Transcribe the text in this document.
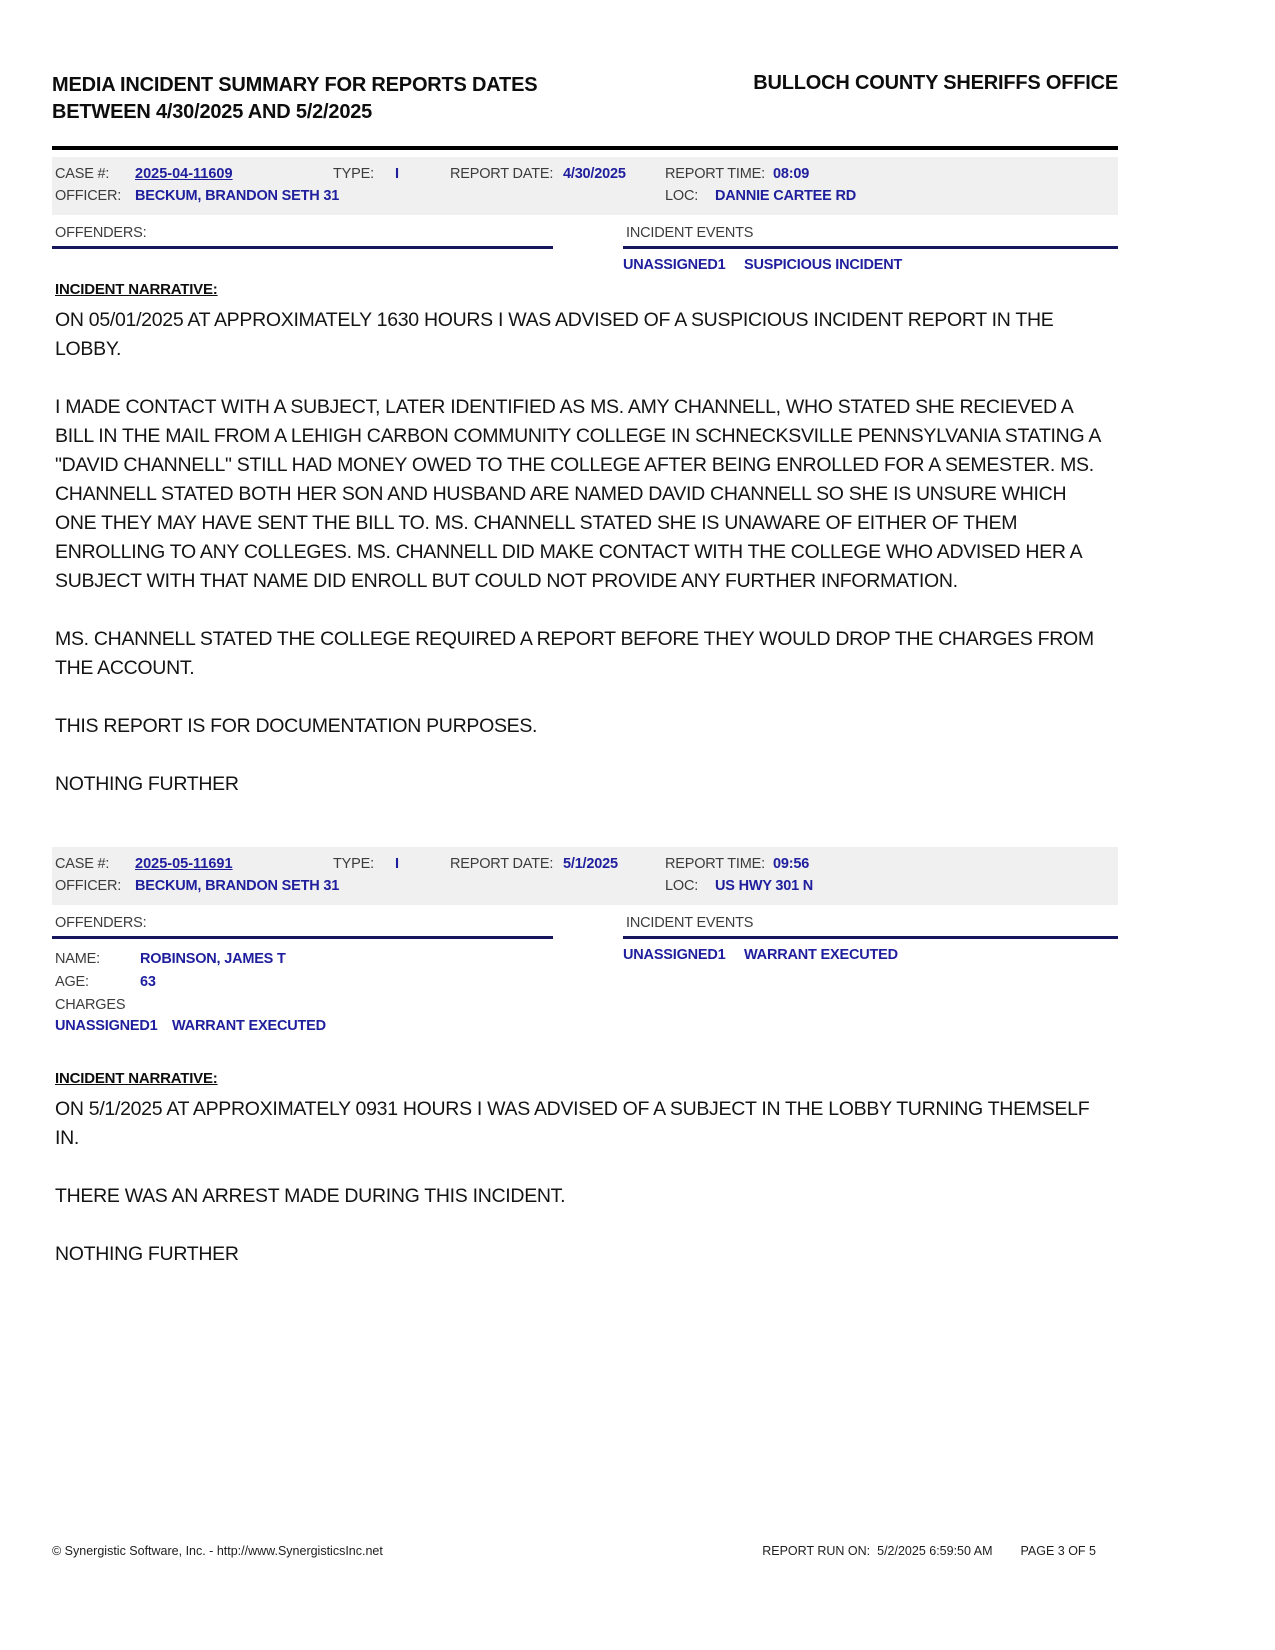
MEDIA INCIDENT SUMMARY FOR REPORTS DATES
BETWEEN 4/30/2025 AND 5/2/2025
BULLOCH COUNTY SHERIFFS OFFICE
CASE #: 2025-04-11609	TYPE: I	REPORT DATE: 4/30/2025	REPORT TIME: 08:09
OFFICER: BECKUM, BRANDON SETH 31	LOC: DANNIE CARTEE RD
OFFENDERS:	INCIDENT EVENTS
UNASSIGNED1 SUSPICIOUS INCIDENT
INCIDENT NARRATIVE:

ON 05/01/2025 AT APPROXIMATELY 1630 HOURS I WAS ADVISED OF A SUSPICIOUS INCIDENT REPORT IN THE LOBBY.

I MADE CONTACT WITH A SUBJECT, LATER IDENTIFIED AS MS. AMY CHANNELL, WHO STATED SHE RECIEVED A BILL IN THE MAIL FROM A LEHIGH CARBON COMMUNITY COLLEGE IN SCHNECKSVILLE PENNSYLVANIA STATING A "DAVID CHANNELL" STILL HAD MONEY OWED TO THE COLLEGE AFTER BEING ENROLLED FOR A SEMESTER. MS. CHANNELL STATED BOTH HER SON AND HUSBAND ARE NAMED DAVID CHANNELL SO SHE IS UNSURE WHICH ONE THEY MAY HAVE SENT THE BILL TO. MS. CHANNELL STATED SHE IS UNAWARE OF EITHER OF THEM ENROLLING TO ANY COLLEGES. MS. CHANNELL DID MAKE CONTACT WITH THE COLLEGE WHO ADVISED HER A SUBJECT WITH THAT NAME DID ENROLL BUT COULD NOT PROVIDE ANY FURTHER INFORMATION.

MS. CHANNELL STATED THE COLLEGE REQUIRED A REPORT BEFORE THEY WOULD DROP THE CHARGES FROM THE ACCOUNT.

THIS REPORT IS FOR DOCUMENTATION PURPOSES.

NOTHING FURTHER

CASE #: 2025-05-11691	TYPE: I	REPORT DATE: 5/1/2025	REPORT TIME: 09:56
OFFICER: BECKUM, BRANDON SETH 31	LOC: US HWY 301 N
OFFENDERS:
NAME:	ROBINSON, JAMES T
AGE:	63
CHARGES
UNASSIGNED1 WARRANT EXECUTED
INCIDENT EVENTS
UNASSIGNED1 WARRANT EXECUTED
INCIDENT NARRATIVE:

ON 5/1/2025 AT APPROXIMATELY 0931 HOURS I WAS ADVISED OF A SUBJECT IN THE LOBBY TURNING THEMSELF IN.

THERE WAS AN ARREST MADE DURING THIS INCIDENT.

NOTHING FURTHER

© Synergistic Software, Inc. - http://www.SynergisticsInc.net	REPORT RUN ON: 5/2/2025 6:59:50 AM PAGE 3 OF 5
